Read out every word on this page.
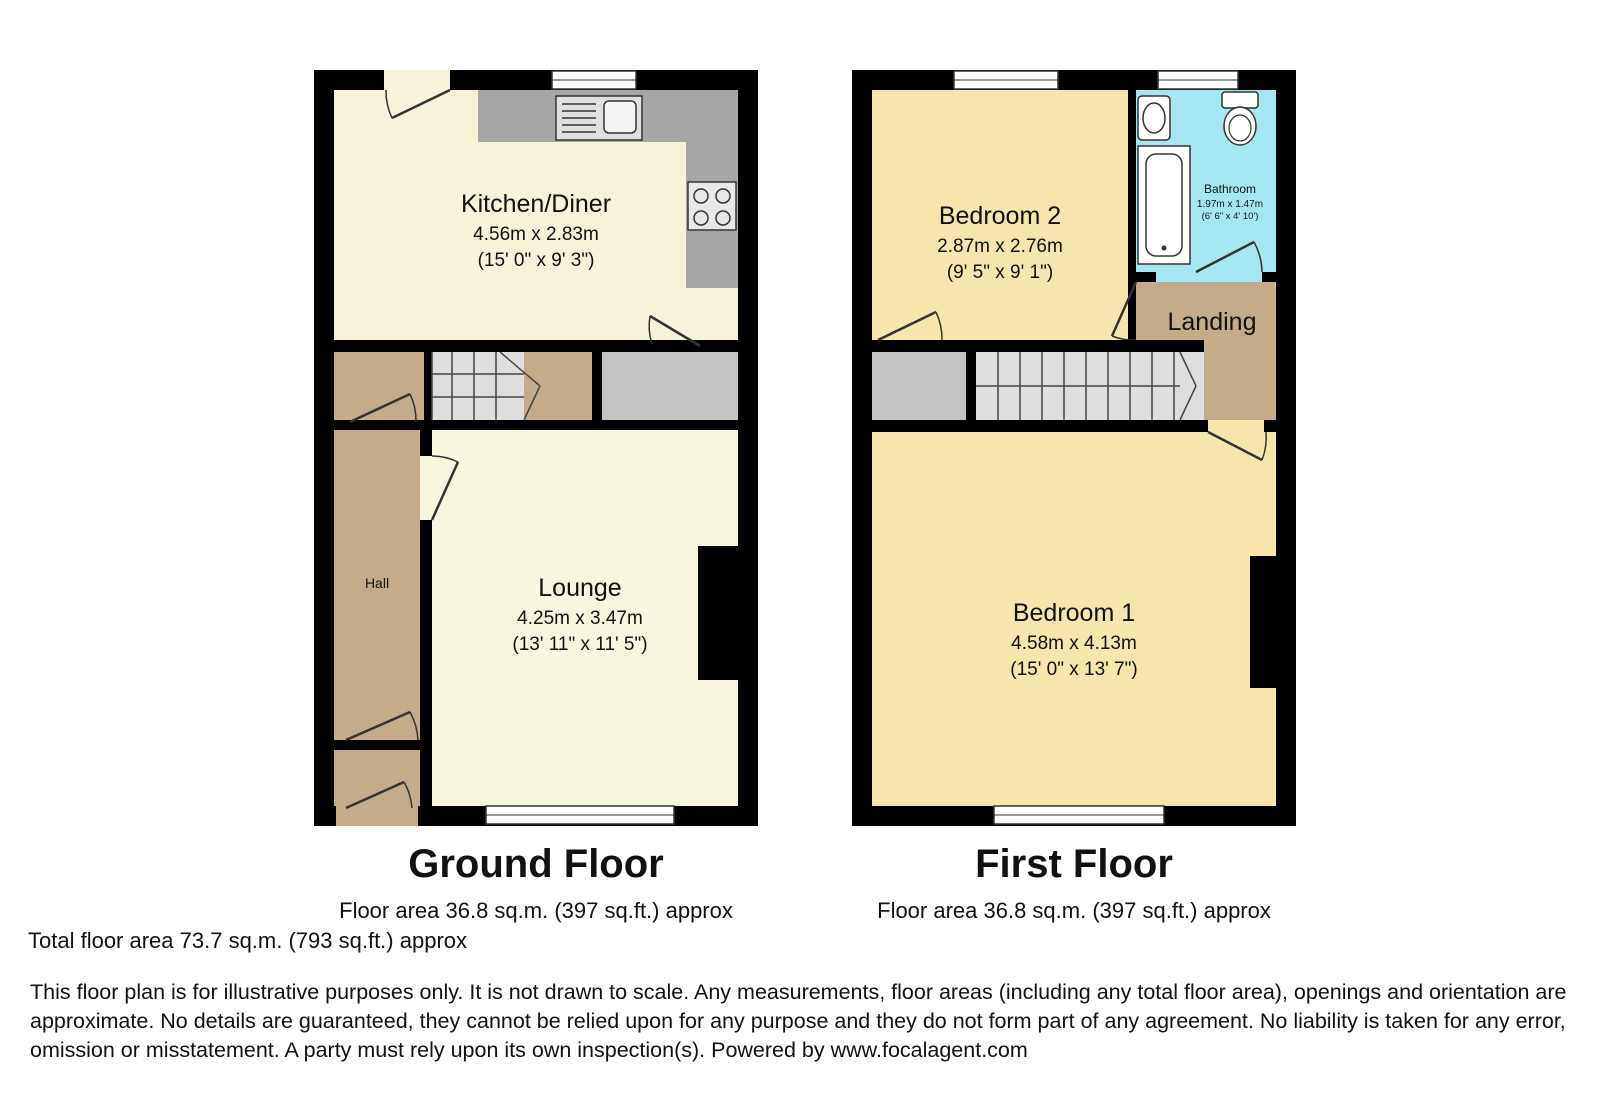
Kitchen/Diner
4.56m x 2.83m
(15' 0" x 9' 3")
Lounge
4.25m x 3.47m
(13' 11" x 11' 5")
Hall
Bedroom 2
2.87m x 2.76m
(9' 5" x 9' 1")
Bathroom
1.97m x 1.47m
(6' 6" x 4' 10')
Landing
Bedroom 1
4.58m x 4.13m
(15' 0" x 13' 7")
Ground Floor	First Floor
Floor area 36.8 sq.m. (397 sq.ft.) approx	Floor area 36.8 sq.m. (397 sq.ft.) approx
Total floor area 73.7 sq.m. (793 sq.ft.) approx
This floor plan is for illustrative purposes only. It is not drawn to scale. Any measurements, floor areas (including any total floor area), openings and orientation are approximate. No details are guaranteed, they cannot be relied upon for any purpose and they do not form part of any agreement. No liability is taken for any error, omission or misstatement. A party must rely upon its own inspection(s). Powered by www.focalagent.com
